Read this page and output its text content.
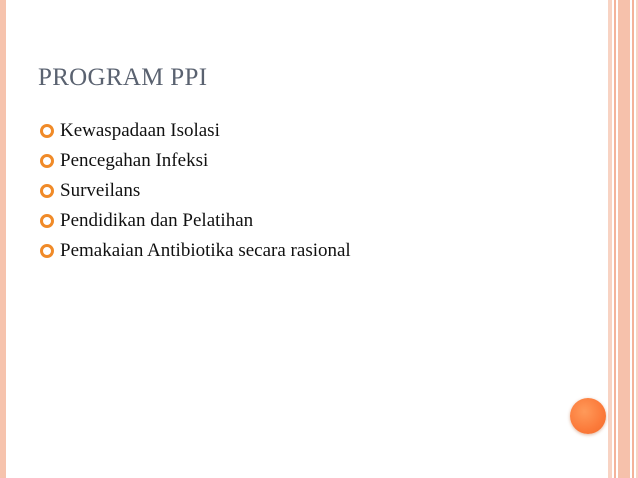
PROGRAM PPI
Kewaspadaan Isolasi
Pencegahan Infeksi
Surveilans
Pendidikan dan Pelatihan
Pemakaian Antibiotika secara rasional
